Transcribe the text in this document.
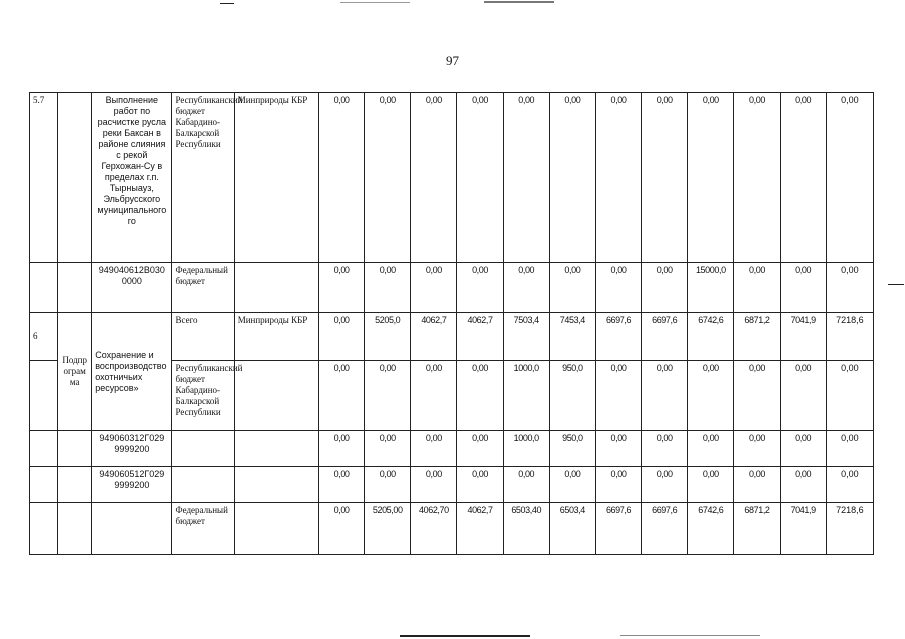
97
5.7		Выполнение работ по расчистке русла реки Баксан в районе слияния с рекой Герхожан-Су в пределах г.п. Тырныауз, Эльбрусского муниципального го	Республиканский бюджет Кабардино-Балкарской Республики	Минприроды КБР	0,00	0,00	0,00	0,00	0,00	0,00	0,00	0,00	0,00	0,00	0,00	0,00
		949040612B030 0000	Федеральный бюджет		0,00	0,00	0,00	0,00	0,00	0,00	0,00	0,00	15000,0	0,00	0,00	0,00
6	Подпрограмма	Сохранение и воспроизводство охотничьих ресурсов»	Всего	Минприроды КБР	0,00	5205,0	4062,7	4062,7	7503,4	7453,4	6697,6	6697,6	6742,6	6871,2	7041,9	7218,6
			Республиканский бюджет Кабардино-Балкарской Республики		0,00	0,00	0,00	0,00	1000,0	950,0	0,00	0,00	0,00	0,00	0,00	0,00
		949060312Г029 9999200			0,00	0,00	0,00	0,00	1000,0	950,0	0,00	0,00	0,00	0,00	0,00	0,00
		949060512Г029 9999200			0,00	0,00	0,00	0,00	0,00	0,00	0,00	0,00	0,00	0,00	0,00	0,00
			Федеральный бюджет		0,00	5205,00	4062,70	4062,7	6503,40	6503,4	6697,6	6697,6	6742,6	6871,2	7041,9	7218,6
